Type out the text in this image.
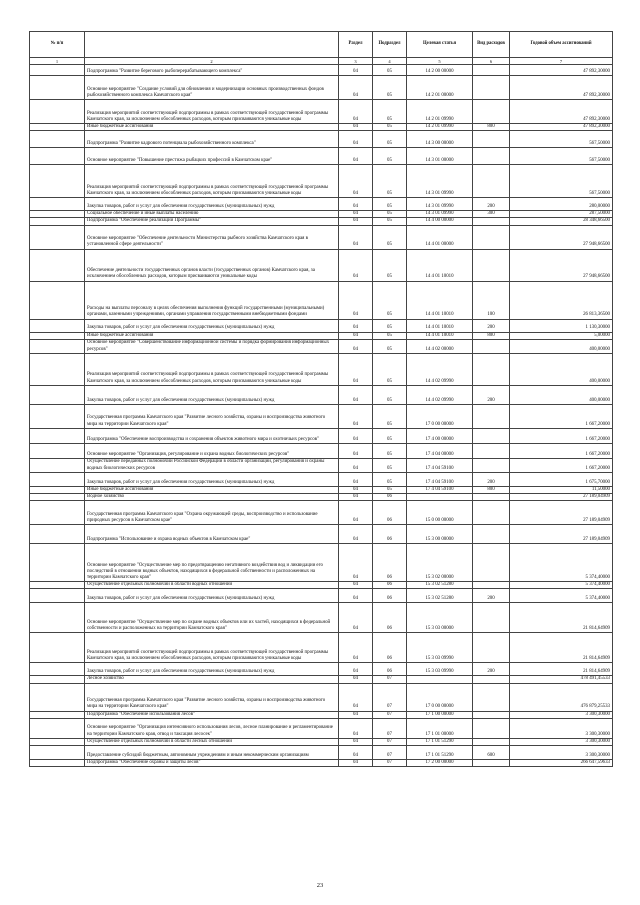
№ п/п		Раздел	Подраздел	Целевая статья	Вид расходов	Годовой объем ассигнований
1	2	3	4	5	6	7
	Подпрограмма "Развитие берегового рыбоперерабатывающего комплекса"	04	05	14 2 00 00000		47 892,30000
	Основное мероприятие "Создание условий для обновления и модернизации основных производственных фондов рыбохозяйственного комплекса Камчатского края"	04	05	14 2 01 00000		47 892,30000
	Реализация мероприятий соответствующей подпрограммы в рамках соответствующей государственной программы Камчатского края, за исключением обособленных расходов, которым присваиваются уникальные коды	04	05	14 2 01 09990		47 892,30000
	Иные бюджетные ассигнования	04	05	14 2 01 09990	800	47 892,30000
	Подпрограмма "Развитие кадрового потенциала рыбохозяйственного комплекса"	04	05	14 3 00 00000		567,50000
	Основное мероприятие "Повышение престижа рыбацких профессий в Камчатском крае"	04	05	14 3 01 00000		567,50000
	Реализация мероприятий соответствующей подпрограммы в рамках соответствующей государственной программы Камчатского края, за исключением обособленных расходов, которым присваиваются уникальные коды	04	05	14 3 01 09990		567,50000
	Закупка товаров, работ и услуг для обеспечения государственных (муниципальных) нужд	04	05	14 3 01 09990	200	280,00000
	Социальное обеспечение и иные выплаты населению	04	05	14 3 01 09990	300	287,50000
	Подпрограмма "Обеспечение реализации Программы"	04	05	14 4 00 00000		28 348,66500
	Основное мероприятие "Обеспечение деятельности Министерства рыбного хозяйства Камчатского края в установленной сфере деятельности"	04	05	14 4 01 00000		27 948,66500
	Обеспечение деятельности государственных органов власти (государственных органов) Камчатского края, за исключением обособленных расходов, которым присваиваются уникальные коды	04	05	14 4 01 10010		27 948,66500
	Расходы на выплаты персоналу в целях обеспечения выполнения функций государственными (муниципальными) органами, казенными учреждениями, органами управления государственными внебюджетными фондами	04	05	14 4 01 10010	100	26 813,36500
	Закупка товаров, работ и услуг для обеспечения государственных (муниципальных) нужд	04	05	14 4 01 10010	200	1 130,30000
	Иные бюджетные ассигнования	04	05	14 4 01 10010	800	5,00000
	Основное мероприятие "Совершенствование информационной системы и порядка формирования информационных ресурсов"	04	05	14 4 02 00000		400,00000
	Реализация мероприятий соответствующей подпрограммы в рамках соответствующей государственной программы Камчатского края, за исключением обособленных расходов, которым присваиваются уникальные коды	04	05	14 4 02 09990		400,00000
	Закупка товаров, работ и услуг для обеспечения государственных (муниципальных) нужд	04	05	14 4 02 09990	200	400,00000
	Государственная программа Камчатского края "Развитие лесного хозяйства, охраны и воспроизводства животного мира на территории Камчатского края"	04	05	17 0 00 00000		1 667,20000
	Подпрограмма "Обеспечение воспроизводства и сохранения объектов животного мира и охотничьих ресурсов"	04	05	17 4 00 00000		1 667,20000
	Основное мероприятие "Организация, регулирование и охрана водных биологических ресурсов"	04	05	17 4 04 00000		1 667,20000
	Осуществление переданных полномочий Российской Федерации в области организации, регулирования и охраны водных биологических ресурсов	04	05	17 4 04 59100		1 667,20000
	Закупка товаров, работ и услуг для обеспечения государственных (муниципальных) нужд	04	05	17 4 04 59100	200	1 675,70000
	Иные бюджетные ассигнования	04	05	17 4 04 59100	800	11,50000
	Водное хозяйство	04	06			27 189,04909
	Государственная программа Камчатского края "Охрана окружающей среды, воспроизводство и использование природных ресурсов в Камчатском крае"	04	06	15 0 00 00000		27 189,04909
	Подпрограмма "Использование и охрана водных объектов в Камчатском крае"	04	06	15 3 00 00000		27 189,04909
	Основное мероприятие "Осуществление мер по предотвращению негативного воздействия вод и ликвидации его последствий в отношении водных объектов, находящихся в федеральной собственности и расположенных на территории Камчатского края"	04	06	15 3 02 00000		5 374,40000
	Осуществление отдельных полномочий в области водных отношений	04	06	15 3 02 51280		5 374,40000
	Закупка товаров, работ и услуг для обеспечения государственных (муниципальных) нужд	04	06	15 3 02 51280	200	5 374,40000
	Основное мероприятие "Осуществление мер по охране водных объектов или их частей, находящихся в федеральной собственности и расположенных на территории Камчатского края"	04	06	15 3 03 00000		21 814,64909
	Реализация мероприятий соответствующей подпрограммы в рамках соответствующей государственной программы Камчатского края, за исключением обособленных расходов, которым присваиваются уникальные коды	04	06	15 3 03 09990		21 814,64909
	Закупка товаров, работ и услуг для обеспечения государственных (муниципальных) нужд	04	06	15 3 03 09990	200	21 814,64909
	Лесное хозяйство	04	07			478 491,45533
	Государственная программа Камчатского края "Развитие лесного хозяйства, охраны и воспроизводства животного мира на территории Камчатского края"	04	07	17 0 00 00000		476 879,25533
	Подпрограмма "Обеспечение использования лесов"	04	07	17 1 00 00000		3 300,30000
	Основное мероприятие "Организация интенсивного использования лесов, лесное планирование и регламентирование на территории Камчатского края, отвод и таксация лесосек"	04	07	17 1 01 00000		3 300,30000
	Осуществление отдельных полномочий в области лесных отношений	04	07	17 1 01 51290		3 300,30000
	Предоставление субсидий бюджетным, автономным учреждениям и иным некоммерческим организациям	04	07	17 1 01 51290	600	3 300,30000
	Подпрограмма "Обеспечение охраны и защиты лесов"	04	07	17 2 00 00000		266 647,59633
23
